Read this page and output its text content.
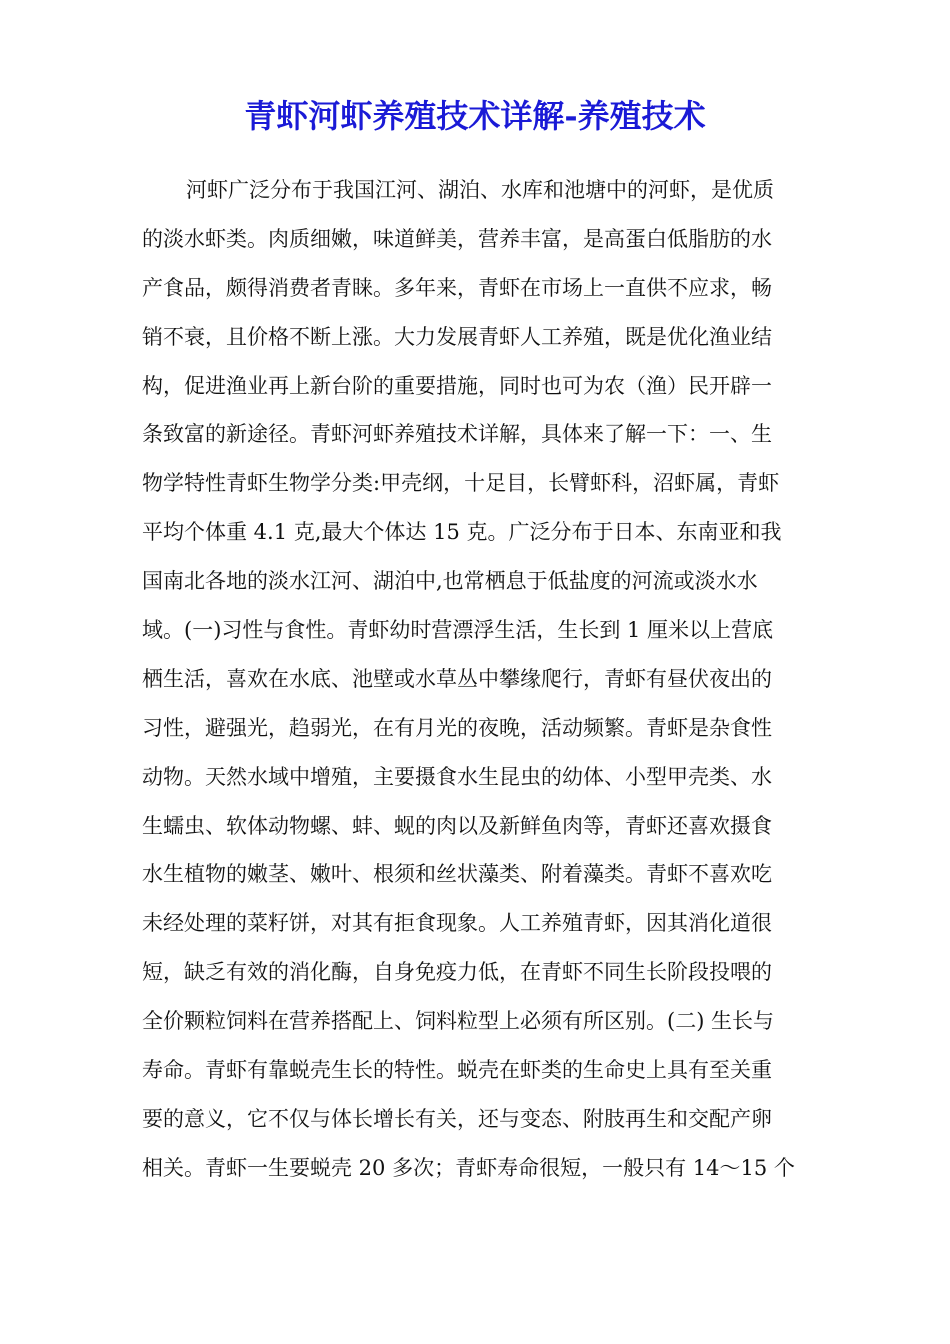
青虾河虾养殖技术详解-养殖技术
河虾广泛分布于我国江河、湖泊、水库和池塘中的河虾，是优质
的淡水虾类。肉质细嫩，味道鲜美，营养丰富，是高蛋白低脂肪的水
产食品，颇得消费者青睐。多年来，青虾在市场上一直供不应求，畅
销不衰，且价格不断上涨。大力发展青虾人工养殖，既是优化渔业结
构，促进渔业再上新台阶的重要措施，同时也可为农（渔）民开辟一
条致富的新途径。青虾河虾养殖技术详解，具体来了解一下：一、生
物学特性青虾生物学分类:甲壳纲，十足目，长臂虾科，沼虾属，青虾
平均个体重 4.1 克,最大个体达 15 克。广泛分布于日本、东南亚和我
国南北各地的淡水江河、湖泊中,也常栖息于低盐度的河流或淡水水
域。(一)习性与食性。青虾幼时营漂浮生活，生长到 1 厘米以上营底
栖生活，喜欢在水底、池壁或水草丛中攀缘爬行，青虾有昼伏夜出的
习性，避强光，趋弱光，在有月光的夜晚，活动频繁。青虾是杂食性
动物。天然水域中增殖，主要摄食水生昆虫的幼体、小型甲壳类、水
生蠕虫、软体动物螺、蚌、蚬的肉以及新鲜鱼肉等，青虾还喜欢摄食
水生植物的嫩茎、嫩叶、根须和丝状藻类、附着藻类。青虾不喜欢吃
未经处理的菜籽饼，对其有拒食现象。人工养殖青虾，因其消化道很
短，缺乏有效的消化酶，自身免疫力低，在青虾不同生长阶段投喂的
全价颗粒饲料在营养搭配上、饲料粒型上必须有所区别。(二) 生长与
寿命。青虾有靠蜕壳生长的特性。蜕壳在虾类的生命史上具有至关重
要的意义，它不仅与体长增长有关，还与变态、附肢再生和交配产卵
相关。青虾一生要蜕壳 20 多次；青虾寿命很短，一般只有 14～15 个
